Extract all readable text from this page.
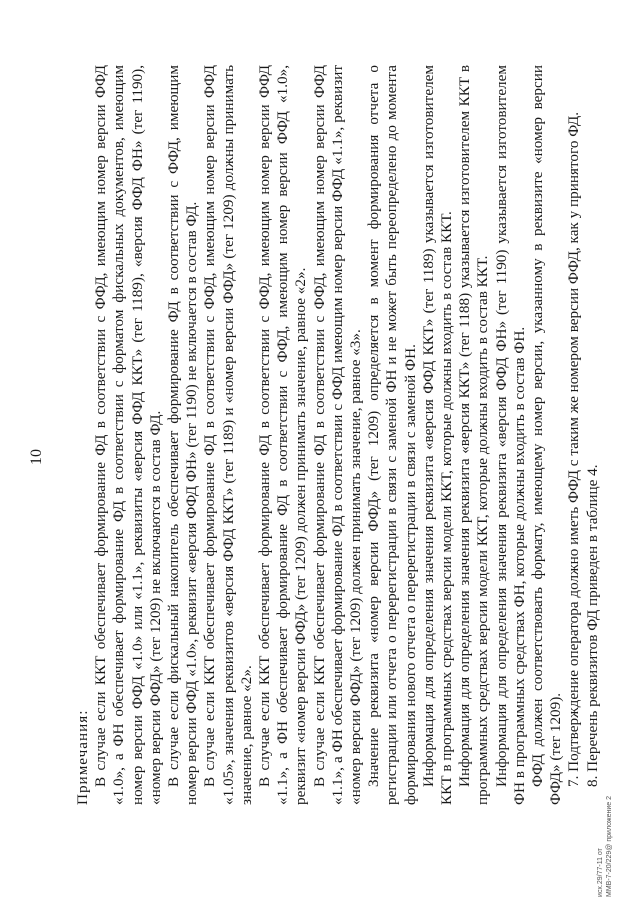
10

Примечания: В случае если ККТ обеспечивает формирование ФД в соответствии с ФФД, имеющим номер версии ФФД «1.0», а ФН обеспечивает формирование ФД в соответствии с форматом фискальных документов, имеющим номер версии ФФД «1.0» или «1.1», реквизиты «версия ФФД ККТ» (тег 1189), «версия ФФД ФН» (тег 1190), «номер версии ФФД» (тег 1209) не включаются в состав ФД. В случае если фискальный накопитель обеспечивает формирование ФД в соответствии с ФФД, имеющим номер версии ФФД «1.0», реквизит «версия ФФД ФН» (тег 1190) не включается в состав ФД. В случае если ККТ обеспечивает формирование ФД в соответствии с ФФД, имеющим номер версии ФФД «1.05», значения реквизитов «версия ФФД ККТ» (тег 1189) и «номер версии ФФД» (тег 1209) должны принимать значение, равное «2». В случае если ККТ обеспечивает формирование ФД в соответствии с ФФД, имеющим номер версии ФФД «1.1», а ФН обеспечивает формирование ФД в соответствии с ФФД, имеющим номер версии ФФД «1.0», реквизит «номер версии ФФД» (тег 1209) должен принимать значение, равное «2». В случае если ККТ обеспечивает формирование ФД в соответствии с ФФД, имеющим номер версии ФФД «1.1», а ФН обеспечивает формирование ФД в соответствии с ФФД имеющим номер версии ФФД «1.1», реквизит «номер версии ФФД» (тег 1209) должен принимать значение, равное «3». Значение реквизита «номер версии ФФД» (тег 1209) определяется в момент формирования отчета о регистрации или отчета о перерегистрации в связи с заменой ФН и не может быть переопределено до момента формирования нового отчета о перерегистрации в связи с заменой ФН. Информация для определения значения реквизита «версия ФФД ККТ» (тег 1189) указывается изготовителем ККТ в программных средствах версии модели ККТ, которые должны входить в состав ККТ. Информация для определения значения реквизита «версия ККТ» (тег 1188) указывается изготовителем ККТ в программных средствах версии модели ККТ, которые должны входить в состав ККТ. Информация для определения значения реквизита «версия ФФД ФН» (тег 1190) указывается изготовителем ФН в программных средствах ФН, которые должны входить в состав ФН. ФФД должен соответствовать формату, имеющему номер версии, указанному в реквизите «номер версии ФФД» (тег 1209). 7. Подтверждение оператора должно иметь ФФД с таким же номером версии ФФД, как у принятого ФД. 8. Перечень реквизитов ФД приведен в таблице 4.

исх.29/77-11 от ММВ-7-20/229@ приложение 2
